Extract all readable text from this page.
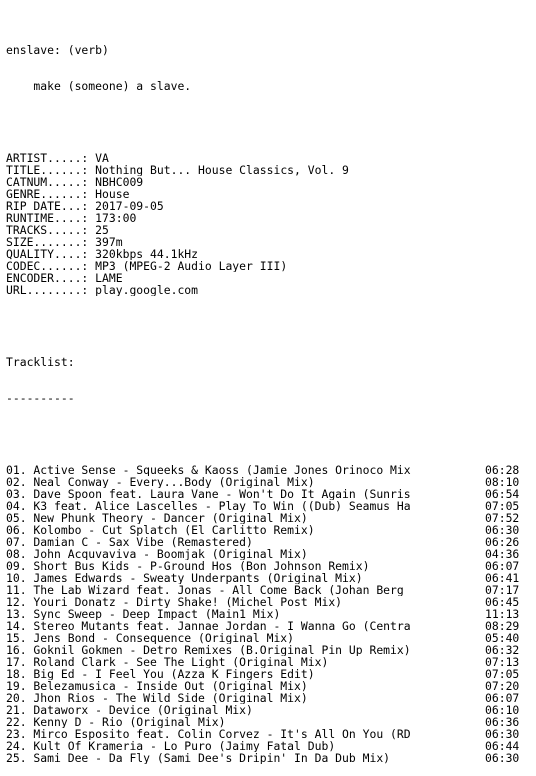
enslave: (verb)

make (someone) a slave.

ARTIST.....: VA
TITLE......: Nothing But... House Classics, Vol. 9
CATNUM.....: NBHC009
GENRE......: House
RIP DATE...: 2017-09-05
RUNTIME....: 173:00
TRACKS.....: 25
SIZE.......: 397m
QUALITY....: 320kbps 44.1kHz
CODEC......: MP3 (MPEG-2 Audio Layer III)
ENCODER....: LAME
URL........: play.google.com

Tracklist:

----------

01. Active Sense - Squeeks & Kaoss (Jamie Jones Orinoco Mix	06:28
02. Neal Conway - Every...Body (Original Mix)	08:10
03. Dave Spoon feat. Laura Vane - Won't Do It Again (Sunris	06:54
04. K3 feat. Alice Lascelles - Play To Win ((Dub) Seamus Ha	07:05
05. New Phunk Theory - Dancer (Original Mix)	07:52
06. Kolombo - Cut Splatch (El Carlitto Remix)	06:30
07. Damian C - Sax Vibe (Remastered)	06:26
08. John Acquvaviva - Boomjak (Original Mix)	04:36
09. Short Bus Kids - P-Ground Hos (Bon Johnson Remix)	06:07
10. James Edwards - Sweaty Underpants (Original Mix)	06:41
11. The Lab Wizard feat. Jonas - All Come Back (Johan Berg	07:17
12. Youri Donatz - Dirty Shake! (Michel Post Mix)	06:45
13. Sync Sweep - Deep Impact (Main1 Mix)	11:13
14. Stereo Mutants feat. Jannae Jordan - I Wanna Go (Centra	08:29
15. Jens Bond - Consequence (Original Mix)	05:40
16. Goknil Gokmen - Detro Remixes (B.Original Pin Up Remix)	06:32
17. Roland Clark - See The Light (Original Mix)	07:13
18. Big Ed - I Feel You (Azza K Fingers Edit)	07:05
19. Belezamusica - Inside Out (Original Mix)	07:20
20. Jhon Rios - The Wild Side (Original Mix)	06:07
21. Dataworx - Device (Original Mix)	06:10
22. Kenny D - Rio (Original Mix)	06:36
23. Mirco Esposito feat. Colin Corvez - It's All On You (RD	06:30
24. Kult Of Krameria - Lo Puro (Jaimy Fatal Dub)	06:44
25. Sami Dee - Da Fly (Sami Dee's Dripin' In Da Dub Mix)	06:30
